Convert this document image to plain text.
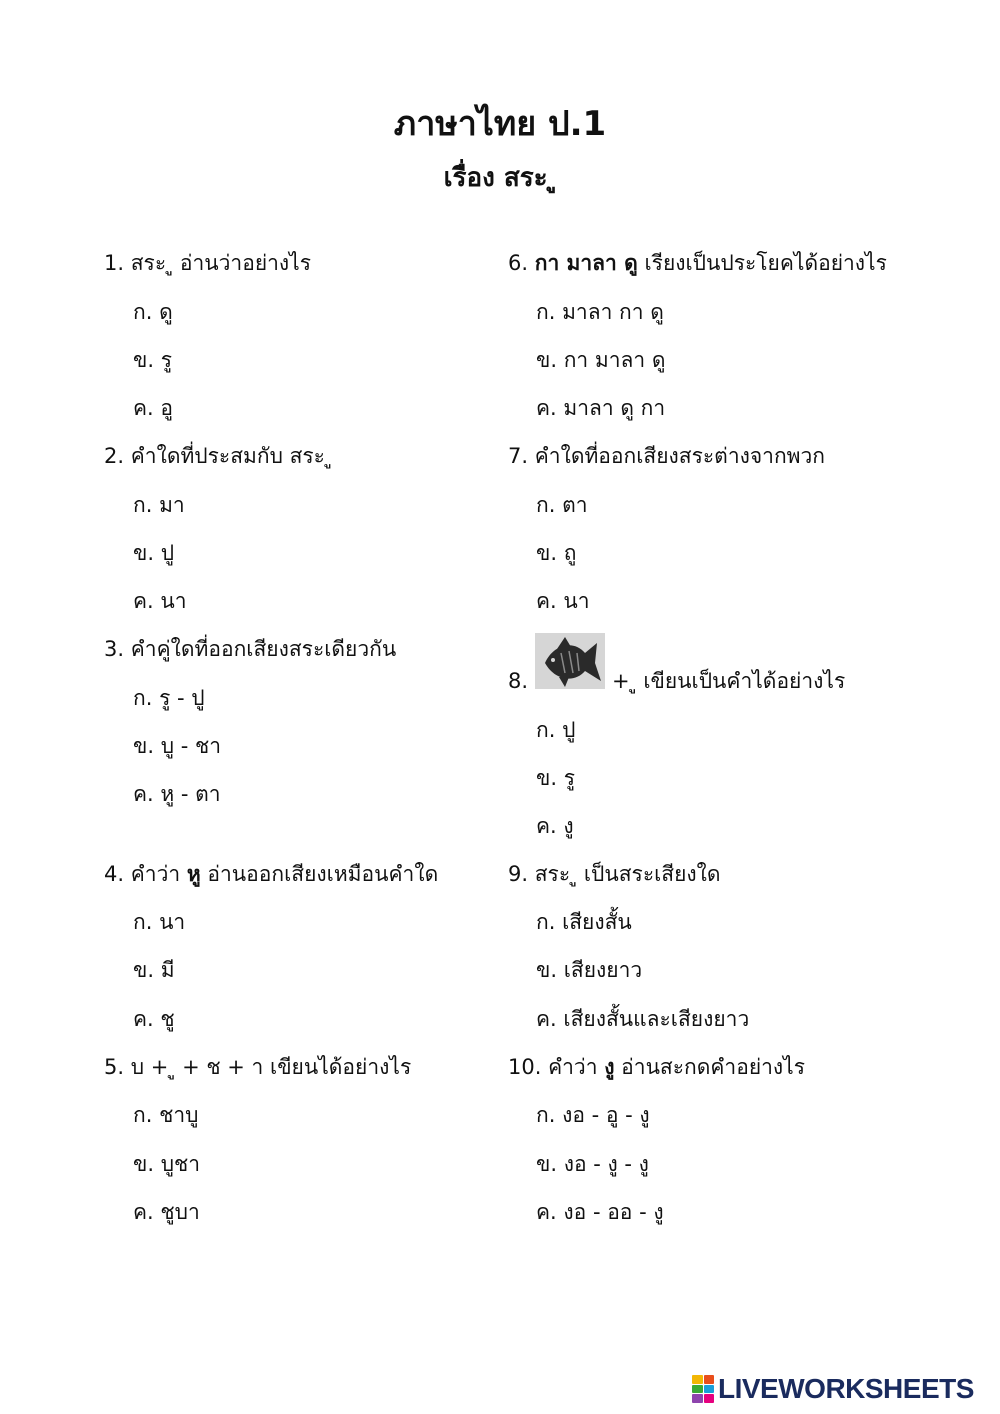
ภาษาไทย ป.1
เรื่อง สระ ู
1. สระ ู อ่านว่าอย่างไร
ก. ดู
ข. รู
ค. อู
2. คำใดที่ประสมกับ สระ ู
ก. มา
ข. ปู
ค. นา
3. คำคู่ใดที่ออกเสียงสระเดียวกัน
ก. รู - ปู
ข. บู - ชา
ค. หู - ตา
4. คำว่า หู อ่านออกเสียงเหมือนคำใด
ก. นา
ข. มี
ค. ชู
5. บ + ู + ช + า เขียนได้อย่างไร
ก. ชาบู
ข. บูชา
ค. ชูบา
6. กา มาลา ดู เรียงเป็นประโยคได้อย่างไร
ก. มาลา กา ดู
ข. กา มาลา ดู
ค. มาลา ดู กา
7. คำใดที่ออกเสียงสระต่างจากพวก
ก. ตา
ข. ถู
ค. นา
8.	+ ู เขียนเป็นคำได้อย่างไร
ก. ปู
ข. รู
ค. งู
9. สระ ู เป็นสระเสียงใด
ก. เสียงสั้น
ข. เสียงยาว
ค. เสียงสั้นและเสียงยาว
10. คำว่า งู อ่านสะกดคำอย่างไร
ก. งอ - อู - งู
ข. งอ - งู - งู
ค. งอ - ออ - งู
LIVEWORKSHEETS
